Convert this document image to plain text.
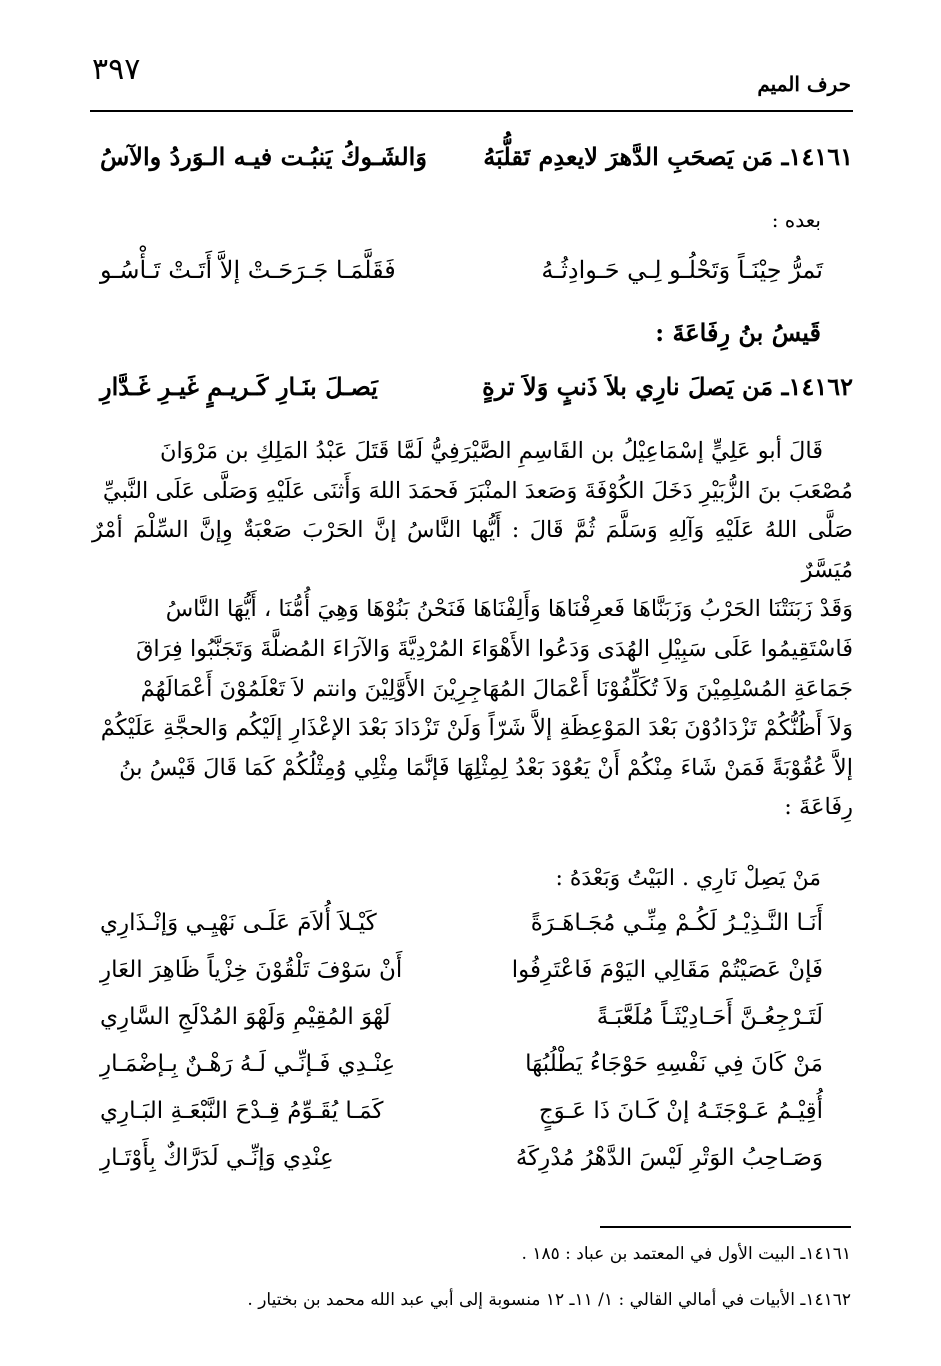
٣٩٧	حرف الميم
١٤١٦١ـ مَن يَصحَبِ الدَّهرَ لايعدِم تَقلُّبَهُ
وَالشَـوكُ يَنبُـت فيـه الـوَردُ والآسُ
بعده :
تَمرُّ حِيْنَـاً وَتَحْلُـو لِـي حَـوادِثُـهُ
فَقَلَّمَـا جَـرَحَـتْ إلاَّ أَتَـتْ تَـأْسُـو
قَيسُ بنُ رِفَاعَةَ :
١٤١٦٢ـ مَن يَصلَ نارِي بلاَ ذَنبٍ وَلاَ ترةٍ
يَصـلَ بنَـارِ كَـريـمٍ غَيـرِ غَـدَّارِ

قَالَ أبو عَلِيٍّ إسْمَاعِيْلُ بن القَاسِمِ الصَّيْرَفِيُّ لَمَّا قَتَلَ عَبْدُ المَلِكِ بن مَرْوَانَ

مُصْعَبَ بنَ الزُّبَيْرِ دَخَلَ الكُوْفَةَ وَصَعدَ المنْبَرَ فَحمَدَ اللهَ وَأَثنَى عَلَيْهِ وَصَلَّى عَلَى النَّبيِّ

صَلَّى اللهُ عَلَيْهِ وَآلِهِ وَسَلَّمَ ثُمَّ قَالَ : أَيُّها النَّاسُ إنَّ الحَرْبَ صَعْبَةٌ وِإنَّ السِّلْمَ أمْرٌ مُيَسَّرٌ

وَقَدْ زَبَنَتْنَا الحَرْبُ وَزَبَنَّاهَا فَعرِفْنَاهَا وَأَلِفْنَاهَا فَنَحْنُ بَنُوْهَا وَهِيَ أُمُّنَا ، أَيُّهَا النَّاسُ

فَاسْتَقِيمُوا عَلَى سَبِيْلِ الهُدَى وَدَعُوا الأَهْوَاءَ المُرْدِيَّةَ وَالآرَاءَ المُضلَّةَ وَتَجَنَّبُوا فِرَاقَ

جَمَاعَةِ المُسْلِمِيْنَ وَلاَ تُكَلِّفُوْنَا أَعْمَالَ المُهَاجِرِيْنَ الأَوَّلِيْنَ وانتم لاَ تَعْلَمُوْنَ أَعْمَالَهُمْ

وَلاَ أَظُنُّكُمْ تَزْدَادُوْنَ بَعْدَ المَوْعِظَةِ إلاَّ شَرّاً وَلَنْ تَزْدَادَ بَعْدَ الإعْذَارِ إلَيْكُم وَالحجَّةِ عَلَيْكُمْ

إلاَّ عُقُوْبَةً فَمَنْ شَاءَ مِنْكُمْ أَنْ يَعُوْدَ بَعْدُ لِمِثْلِهَا فَإنَّمَا مِثْلِي وُمِثْلُكُمْ كَمَا قَالَ قَيْسُ بنُ

رِفَاعَةَ :

مَنْ يَصِلْ نَارِي . البَيْتُ وَبَعْدَهُ :
أَنَـا النَّـذِيْـرُ لَكُـمْ مِنِّـي مُجَـاهَـرَةً
كَيْـلاَ أُلاَمَ عَلَـى نَهْيِـي وَإنْـذَارِي
فَإنْ عَصَيْتُمْ مَقَالِي اليَوْمَ فَاعْتَرِفُوا
أَنْ سَوْفَ تَلْقُوْنَ خِزْياً ظَاهِرَ العَارِ
لَتَـرْجِعُـنَّ أَحَـادِيْثَـاً مُلَعَّبَـةً
لَهْوَ المُقِيْمِ وَلَهْوَ المُدْلَجِ السَّارِي
مَنْ كَانَ فِي نَفْسِهِ حَوْجَاءُ يَطْلُبُهَا
عِنْـدِي فَـإنِّـي لَـهُ رَهْـنٌ بِـإضْمَـارِ
أُقِيْـمُ عَـوْجَتَـهُ إنْ كَـانَ ذَا عَـوَجٍ
كَمَـا يُقَـوِّمُ قِـدْحَ النَّبْعَـةِ البَـارِي
وَصَـاحِبُ الوَتْرِ لَيْسَ الدَّهْرُ مُدْرِكَهُ
عِنْدِي وَإنِّـي لَدَرَّاكٌ بِأَوْتَـارِ
١٤١٦١ـ البيت الأول في المعتمد بن عباد : ١٨٥ .
١٤١٦٢ـ الأبيات في أمالي القالي : ١/ ١١ـ ١٢ منسوبة إلى أبي عبد الله محمد بن بختيار .
